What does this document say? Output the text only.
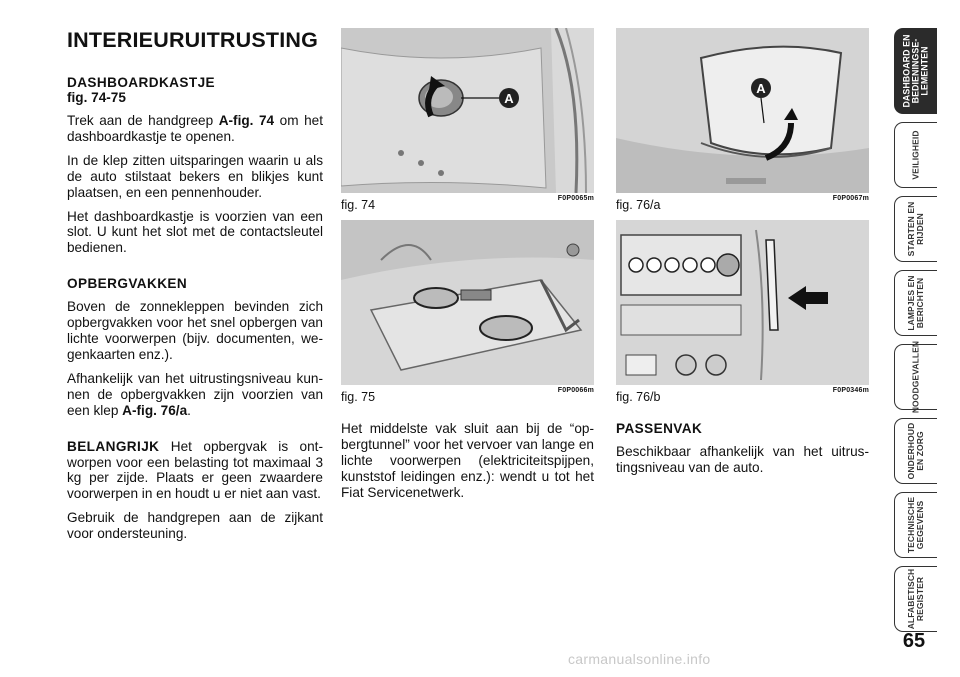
INTERIEURUITRUSTING
DASHBOARDKASTJE
fig. 74-75

Trek aan de handgreep A-fig. 74 om het dashboardkastje te openen.

In de klep zitten uitsparingen waarin u als de auto stilstaat bekers en blikjes kunt plaatsen, en een pennenhouder.

Het dashboardkastje is voorzien van een slot. U kunt het slot met de contactsleutel bedienen.

OPBERGVAKKEN

Boven de zonnekleppen bevinden zich opbergvakken voor het snel opbergen van lichte voorwerpen (bijv. documenten, wegenkaarten enz.).

Afhankelijk van het uitrustingsniveau kunnen de opbergvakken zijn voorzien van een klep A-fig. 76/a.

BELANGRIJK Het opbergvak is ontworpen voor een belasting tot maximaal 3 kg per zijde. Plaats er geen zwaardere voorwerpen in en houdt u er niet aan vast.

Gebruik de handgrepen aan de zijkant voor ondersteuning.

A
fig. 74	F0P0065m
fig. 75	F0P0066m

Het middelste vak sluit aan bij de “opbergtunnel” voor het vervoer van lange en lichte voorwerpen (elektriciteitspijpen, kunststof leidingen enz.): wendt u tot het Fiat Servicenetwerk.

A
fig. 76/a	F0P0067m
fig. 76/b	F0P0346m
PASSENVAK

Beschikbaar afhankelijk van het uitrustingsniveau van de auto.

DASHBOARD EN
BEDIENINGSE-
LEMENTEN
VEILIGHEID
STARTEN EN
RIJDEN
LAMPJES EN
BERICHTEN
NOODGEVALLEN
ONDERHOUD
EN ZORG
TECHNISCHE
GEGEVENS
ALFABETISCH
REGISTER
65
carmanualsonline.info
